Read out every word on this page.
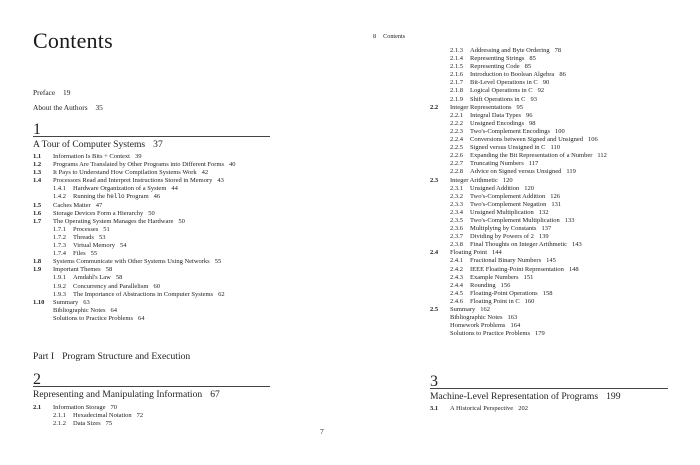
Contents
Preface 19
About the Authors 35
1
A Tour of Computer Systems 37
1.1 Information Is Bits + Context 39
1.2 Programs Are Translated by Other Programs into Different Forms 40
1.3 It Pays to Understand How Compilation Systems Work 42
1.4 Processors Read and Interpret Instructions Stored in Memory 43
1.4.1 Hardware Organization of a System 44
1.4.2 Running the hello Program 46
1.5 Caches Matter 47
1.6 Storage Devices Form a Hierarchy 50
1.7 The Operating System Manages the Hardware 50
1.7.1 Processes 51
1.7.2 Threads 53
1.7.3 Virtual Memory 54
1.7.4 Files 55
1.8 Systems Communicate with Other Systems Using Networks 55
1.9 Important Themes 58
1.9.1 Amdahl's Law 58
1.9.2 Concurrency and Parallelism 60
1.9.3 The Importance of Abstractions in Computer Systems 62
1.10 Summary 63
Bibliographic Notes 64
Solutions to Practice Problems 64
Part I Program Structure and Execution
2
Representing and Manipulating Information 67
2.1 Information Storage 70
2.1.1 Hexadecimal Notation 72
2.1.2 Data Sizes 75
7
8 Contents
2.1.3 Addressing and Byte Ordering 78
2.1.4 Representing Strings 85
2.1.5 Representing Code 85
2.1.6 Introduction to Boolean Algebra 86
2.1.7 Bit-Level Operations in C 90
2.1.8 Logical Operations in C 92
2.1.9 Shift Operations in C 93
2.2 Integer Representations 95
2.2.1 Integral Data Types 96
2.2.2 Unsigned Encodings 98
2.2.3 Two's-Complement Encodings 100
2.2.4 Conversions between Signed and Unsigned 106
2.2.5 Signed versus Unsigned in C 110
2.2.6 Expanding the Bit Representation of a Number 112
2.2.7 Truncating Numbers 117
2.2.8 Advice on Signed versus Unsigned 119
2.3 Integer Arithmetic 120
2.3.1 Unsigned Addition 120
2.3.2 Two's-Complement Addition 126
2.3.3 Two's-Complement Negation 131
2.3.4 Unsigned Multiplication 132
2.3.5 Two's-Complement Multiplication 133
2.3.6 Multiplying by Constants 137
2.3.7 Dividing by Powers of 2 139
2.3.8 Final Thoughts on Integer Arithmetic 143
2.4 Floating Point 144
2.4.1 Fractional Binary Numbers 145
2.4.2 IEEE Floating-Point Representation 148
2.4.3 Example Numbers 151
2.4.4 Rounding 156
2.4.5 Floating-Point Operations 158
2.4.6 Floating Point in C 160
2.5 Summary 162
Bibliographic Notes 163
Homework Problems 164
Solutions to Practice Problems 179
3
Machine-Level Representation of Programs 199
3.1 A Historical Perspective 202
